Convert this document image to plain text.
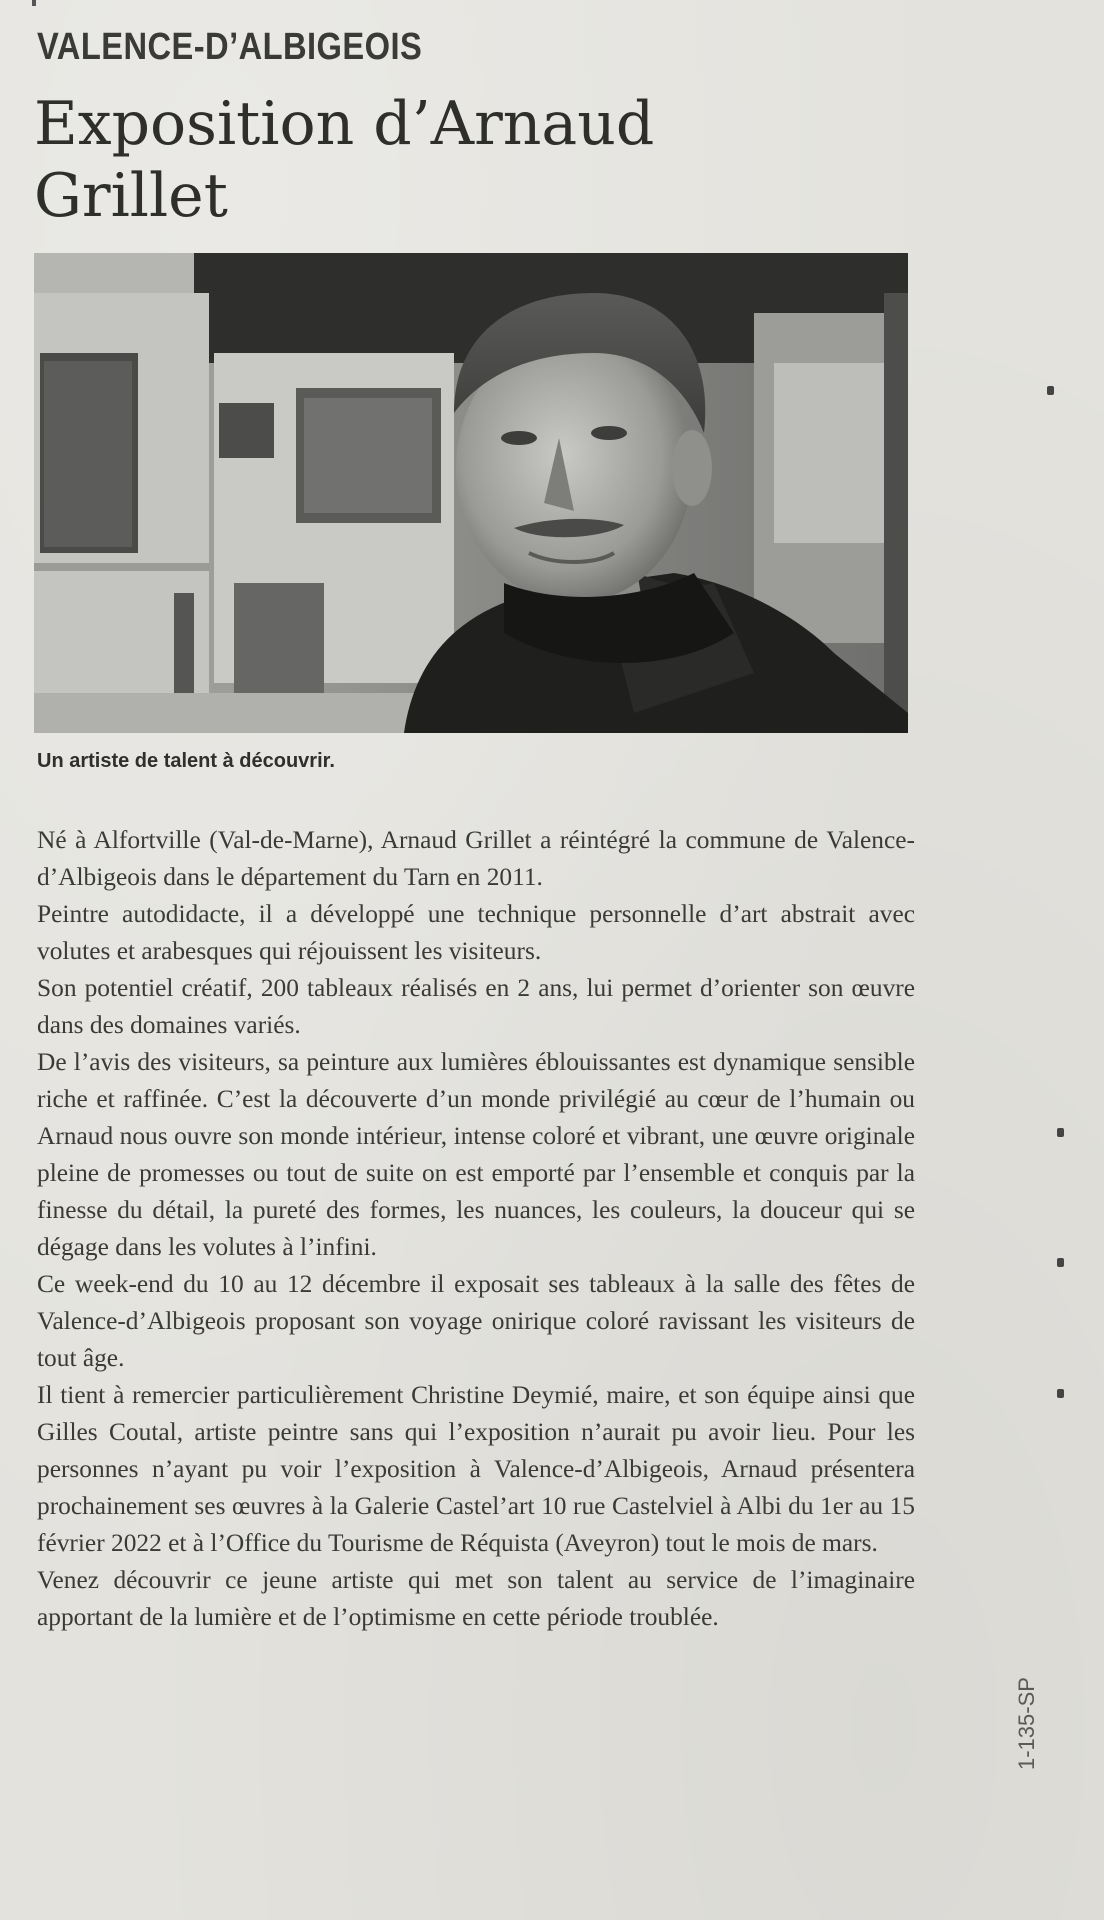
VALENCE-D’ALBIGEOIS
Exposition d’Arnaud
Grillet
Un artiste de talent à découvrir.

Né à Alfortville (Val-de-Marne), Arnaud Grillet a réintégré la commune de Valence-d’Albigeois dans le département du Tarn en 2011.

Peintre autodidacte, il a développé une technique personnelle d’art abstrait avec volutes et arabesques qui réjouissent les visiteurs.

Son potentiel créatif, 200 tableaux réalisés en 2 ans, lui permet d’orienter son œuvre dans des domaines variés.

De l’avis des visiteurs, sa peinture aux lumières éblouissantes est dynamique sensible riche et raffinée. C’est la découverte d’un monde privilégié au cœur de l’humain ou Arnaud nous ouvre son monde intérieur, intense coloré et vibrant, une œuvre originale pleine de promesses ou tout de suite on est emporté par l’ensemble et conquis par la finesse du détail, la pureté des formes, les nuances, les couleurs, la douceur qui se dégage dans les volutes à l’infini.

Ce week-end du 10 au 12 décembre il exposait ses tableaux à la salle des fêtes de Valence-d’Albigeois proposant son voyage onirique coloré ravissant les visiteurs de tout âge.

Il tient à remercier particulièrement Christine Deymié, maire, et son équipe ainsi que Gilles Coutal, artiste peintre sans qui l’exposition n’aurait pu avoir lieu. Pour les personnes n’ayant pu voir l’exposition à Valence-d’Albigeois, Arnaud présentera prochainement ses œuvres à la Galerie Castel’art 10 rue Castelviel à Albi du 1er au 15 février 2022 et à l’Office du Tourisme de Réquista (Aveyron) tout le mois de mars.

Venez découvrir ce jeune artiste qui met son talent au service de l’imaginaire apportant de la lumière et de l’optimisme en cette période troublée.

1-135-SP
